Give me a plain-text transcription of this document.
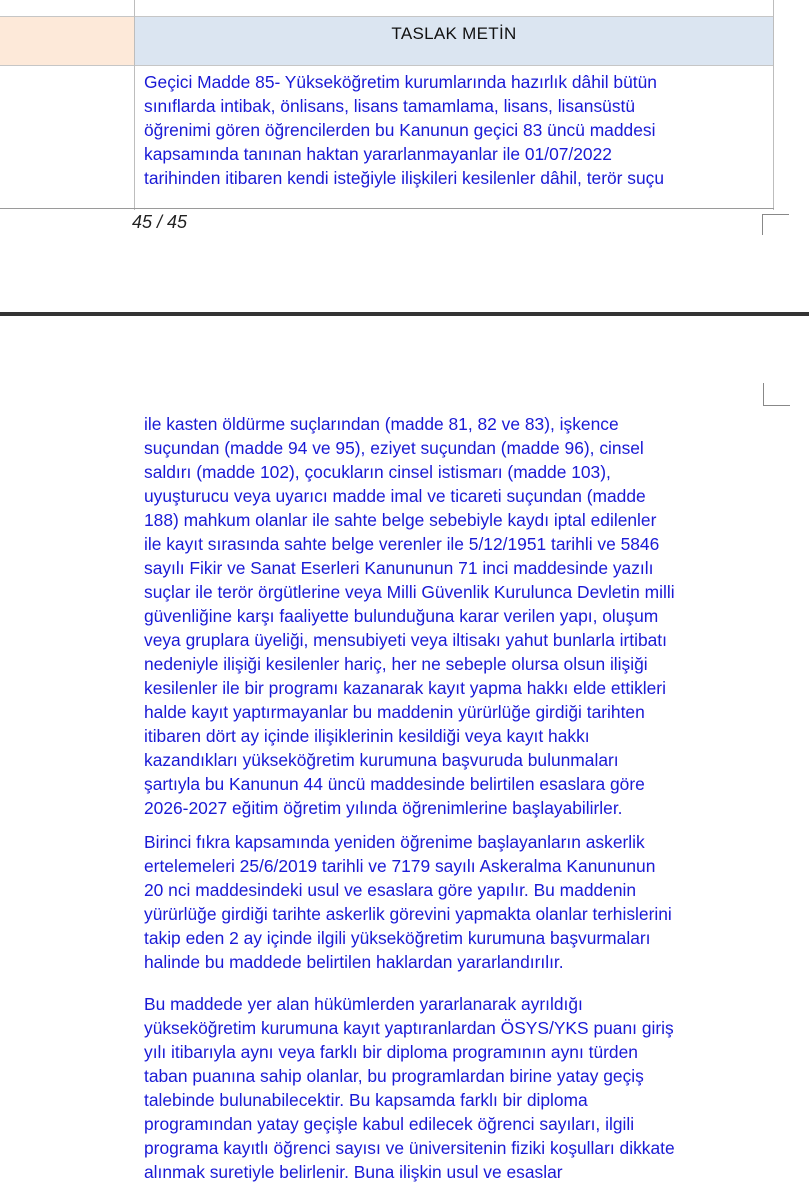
TASLAK METİN
Geçici Madde 85- Yükseköğretim kurumlarında hazırlık dâhil bütün
sınıflarda intibak, önlisans, lisans tamamlama, lisans, lisansüstü
öğrenimi gören öğrencilerden bu Kanunun geçici 83 üncü maddesi
kapsamında tanınan haktan yararlanmayanlar ile 01/07/2022
tarihinden itibaren kendi isteğiyle ilişkileri kesilenler dâhil, terör suçu
45 / 45
ile kasten öldürme suçlarından (madde 81, 82 ve 83), işkence
suçundan (madde 94 ve 95), eziyet suçundan (madde 96), cinsel
saldırı (madde 102), çocukların cinsel istismarı (madde 103),
uyuşturucu veya uyarıcı madde imal ve ticareti suçundan (madde
188) mahkum olanlar ile sahte belge sebebiyle kaydı iptal edilenler
ile kayıt sırasında sahte belge verenler ile 5/12/1951 tarihli ve 5846
sayılı Fikir ve Sanat Eserleri Kanununun 71 inci maddesinde yazılı
suçlar ile terör örgütlerine veya Milli Güvenlik Kurulunca Devletin milli
güvenliğine karşı faaliyette bulunduğuna karar verilen yapı, oluşum
veya gruplara üyeliği, mensubiyeti veya iltisakı yahut bunlarla irtibatı
nedeniyle ilişiği kesilenler hariç, her ne sebeple olursa olsun ilişiği
kesilenler ile bir programı kazanarak kayıt yapma hakkı elde ettikleri
halde kayıt yaptırmayanlar bu maddenin yürürlüğe girdiği tarihten
itibaren dört ay içinde ilişiklerinin kesildiği veya kayıt hakkı
kazandıkları yükseköğretim kurumuna başvuruda bulunmaları
şartıyla bu Kanunun 44 üncü maddesinde belirtilen esaslara göre
2026-2027 eğitim öğretim yılında öğrenimlerine başlayabilirler.
Birinci fıkra kapsamında yeniden öğrenime başlayanların askerlik
ertelemeleri 25/6/2019 tarihli ve 7179 sayılı Askeralma Kanununun
20 nci maddesindeki usul ve esaslara göre yapılır. Bu maddenin
yürürlüğe girdiği tarihte askerlik görevini yapmakta olanlar terhislerini
takip eden 2 ay içinde ilgili yükseköğretim kurumuna başvurmaları
halinde bu maddede belirtilen haklardan yararlandırılır.
Bu maddede yer alan hükümlerden yararlanarak ayrıldığı
yükseköğretim kurumuna kayıt yaptıranlardan ÖSYS/YKS puanı giriş
yılı itibarıyla aynı veya farklı bir diploma programının aynı türden
taban puanına sahip olanlar, bu programlardan birine yatay geçiş
talebinde bulunabilecektir. Bu kapsamda farklı bir diploma
programından yatay geçişle kabul edilecek öğrenci sayıları, ilgili
programa kayıtlı öğrenci sayısı ve üniversitenin fiziki koşulları dikkate
alınmak suretiyle belirlenir. Buna ilişkin usul ve esaslar
